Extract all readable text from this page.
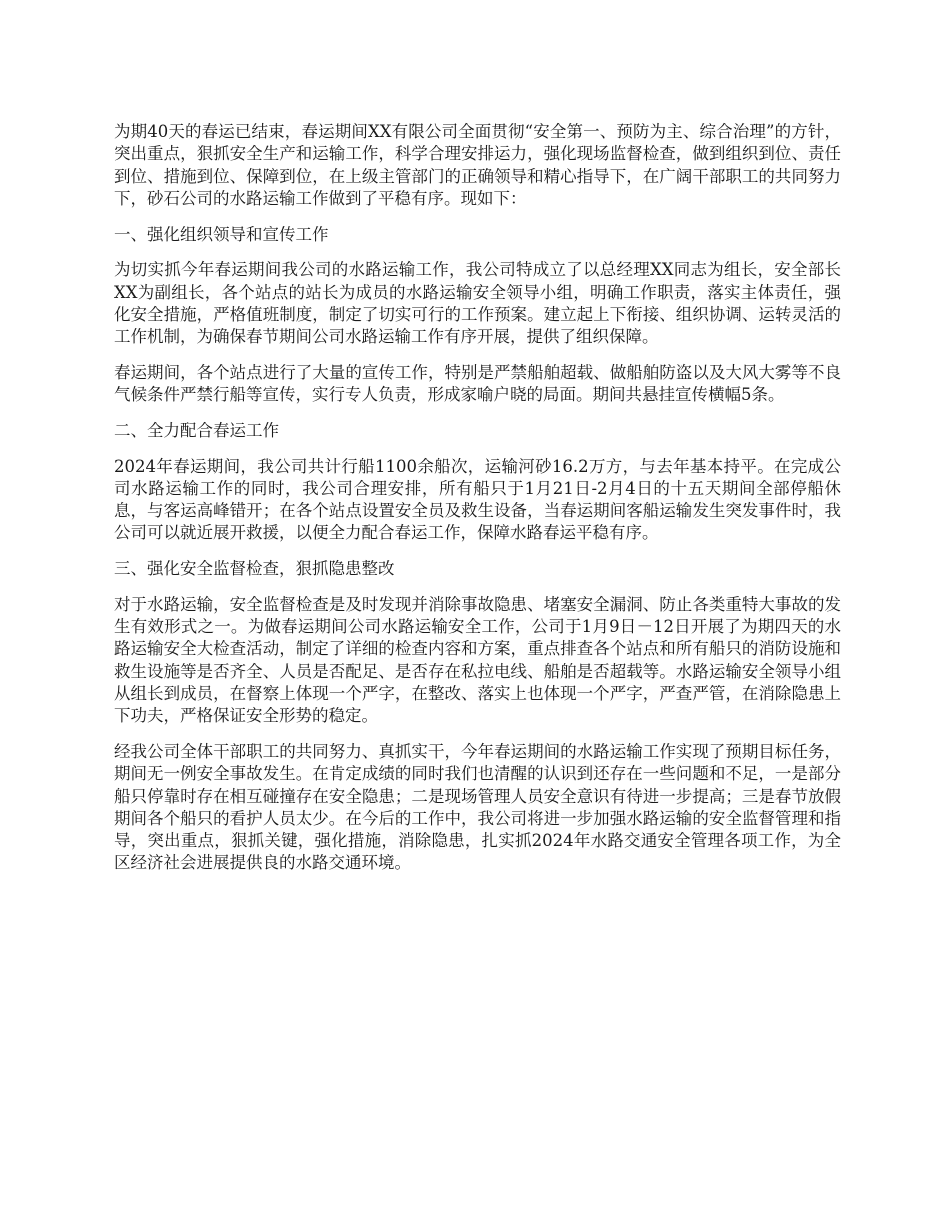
为期40天的春运已结束，春运期间XX有限公司全面贯彻“安全第一、预防为主、综合治理”的方针，突出重点，狠抓安全生产和运输工作，科学合理安排运力，强化现场监督检查，做到组织到位、责任到位、措施到位、保障到位，在上级主管部门的正确领导和精心指导下，在广阔干部职工的共同努力下，砂石公司的水路运输工作做到了平稳有序。现如下：

一、强化组织领导和宣传工作

为切实抓今年春运期间我公司的水路运输工作，我公司特成立了以总经理XX同志为组长，安全部长XX为副组长，各个站点的站长为成员的水路运输安全领导小组，明确工作职责，落实主体责任，强化安全措施，严格值班制度，制定了切实可行的工作预案。建立起上下衔接、组织协调、运转灵活的工作机制，为确保春节期间公司水路运输工作有序开展，提供了组织保障。

春运期间，各个站点进行了大量的宣传工作，特别是严禁船舶超载、做船舶防盗以及大风大雾等不良气候条件严禁行船等宣传，实行专人负责，形成家喻户晓的局面。期间共悬挂宣传横幅5条。

二、全力配合春运工作

2024年春运期间，我公司共计行船1100余船次，运输河砂16.2万方，与去年基本持平。在完成公司水路运输工作的同时，我公司合理安排，所有船只于1月21日-2月4日的十五天期间全部停船休息，与客运高峰错开；在各个站点设置安全员及救生设备，当春运期间客船运输发生突发事件时，我公司可以就近展开救援，以便全力配合春运工作，保障水路春运平稳有序。

三、强化安全监督检查，狠抓隐患整改

对于水路运输，安全监督检查是及时发现并消除事故隐患、堵塞安全漏洞、防止各类重特大事故的发生有效形式之一。为做春运期间公司水路运输安全工作，公司于1月9日－12日开展了为期四天的水路运输安全大检查活动，制定了详细的检查内容和方案，重点排查各个站点和所有船只的消防设施和救生设施等是否齐全、人员是否配足、是否存在私拉电线、船舶是否超载等。水路运输安全领导小组从组长到成员，在督察上体现一个严字，在整改、落实上也体现一个严字，严查严管，在消除隐患上下功夫，严格保证安全形势的稳定。

经我公司全体干部职工的共同努力、真抓实干，今年春运期间的水路运输工作实现了预期目标任务，期间无一例安全事故发生。在肯定成绩的同时我们也清醒的认识到还存在一些问题和不足，一是部分船只停靠时存在相互碰撞存在安全隐患；二是现场管理人员安全意识有待进一步提高；三是春节放假期间各个船只的看护人员太少。在今后的工作中，我公司将进一步加强水路运输的安全监督管理和指导，突出重点，狠抓关键，强化措施，消除隐患，扎实抓2024年水路交通安全管理各项工作，为全区经济社会进展提供良的水路交通环境。
